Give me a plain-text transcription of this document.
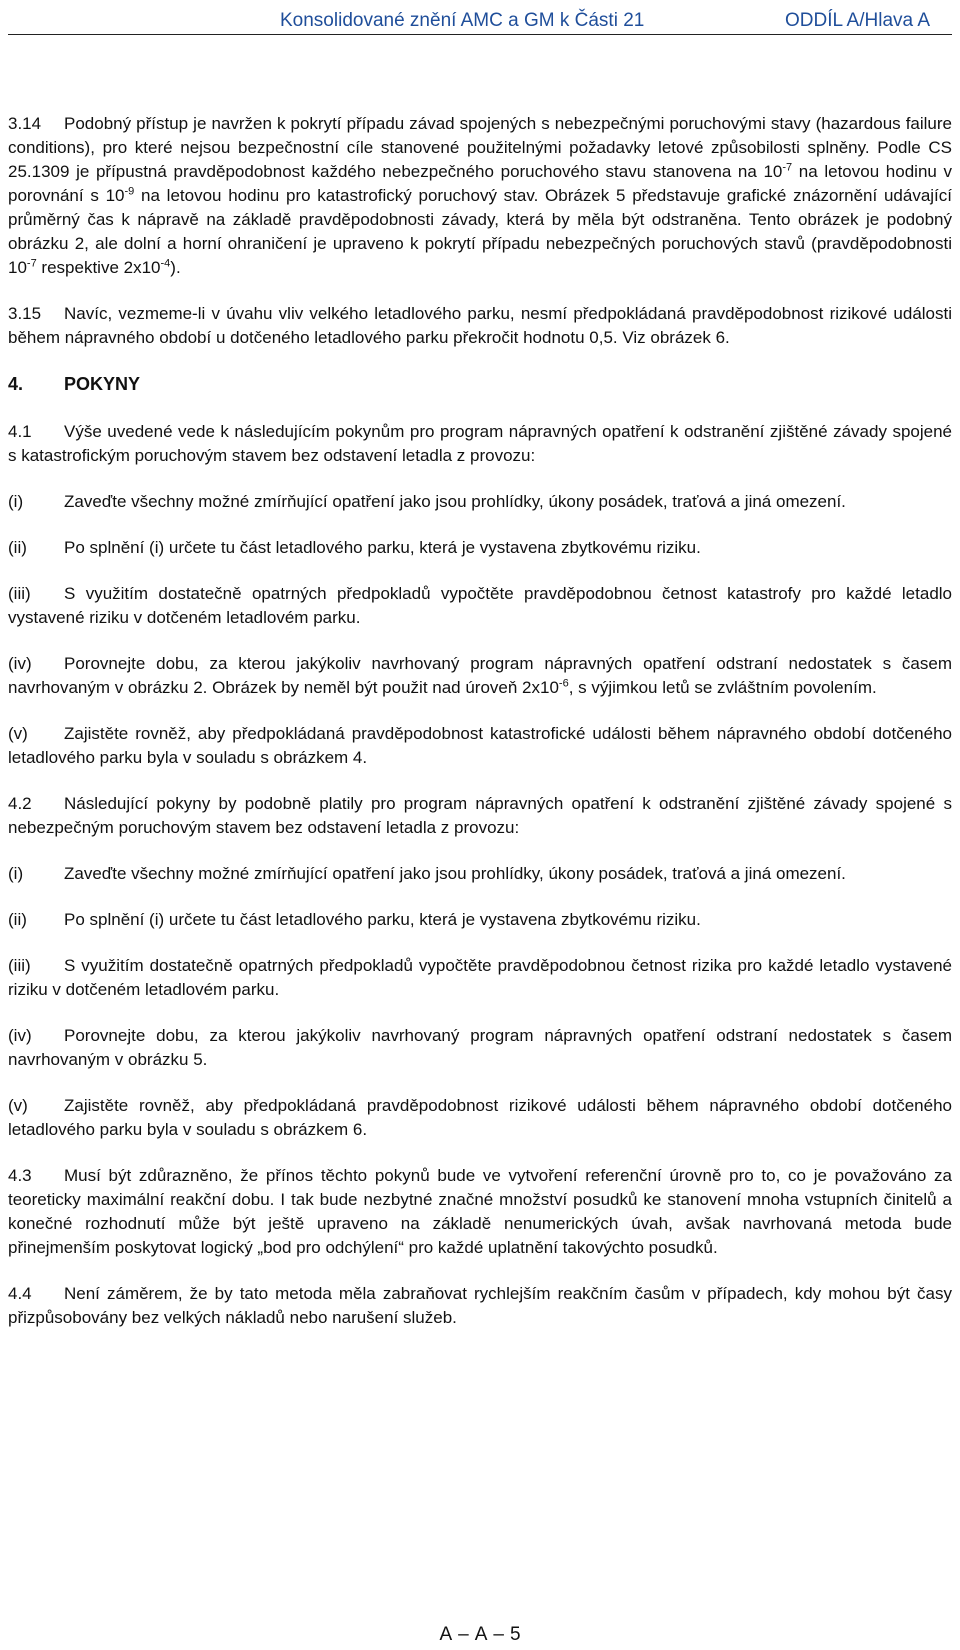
Konsolidované znění AMC a GM k Části 21	ODDÍL A/Hlava A

3.14 Podobný přístup je navržen k pokrytí případu závad spojených s nebezpečnými poruchovými stavy (hazardous failure conditions), pro které nejsou bezpečnostní cíle stanovené použitelnými požadavky letové způsobilosti splněny. Podle CS 25.1309 je přípustná pravděpodobnost každého nebezpečného poruchového stavu stanovena na $10^{-7}$ na letovou hodinu v porovnání s $10^{-9}$ na letovou hodinu pro katastrofický poruchový stav. Obrázek 5 představuje grafické znázornění udávající průměrný čas k nápravě na základě pravděpodobnosti závady, která by měla být odstraněna. Tento obrázek je podobný obrázku 2, ale dolní a horní ohraničení je upraveno k pokrytí případu nebezpečných poruchových stavů (pravděpodobnosti $10^{-7}$ respektive $2x10^{-4}$).

3.15 Navíc, vezmeme-li v úvahu vliv velkého letadlového parku, nesmí předpokládaná pravděpodobnost rizikové události během nápravného období u dotčeného letadlového parku překročit hodnotu 0,5. Viz obrázek 6.

4. POKYNY

4.1 Výše uvedené vede k následujícím pokynům pro program nápravných opatření k odstranění zjištěné závady spojené s katastrofickým poruchovým stavem bez odstavení letadla z provozu:

(i) Zaveďte všechny možné zmírňující opatření jako jsou prohlídky, úkony posádek, traťová a jiná omezení.

(ii) Po splnění (i) určete tu část letadlového parku, která je vystavena zbytkovému riziku.

(iii) S využitím dostatečně opatrných předpokladů vypočtěte pravděpodobnou četnost katastrofy pro každé letadlo vystavené riziku v dotčeném letadlovém parku.

(iv) Porovnejte dobu, za kterou jakýkoliv navrhovaný program nápravných opatření odstraní nedostatek s časem navrhovaným v obrázku 2. Obrázek by neměl být použit nad úroveň $2x10^{-6}$, s výjimkou letů se zvláštním povolením.

(v) Zajistěte rovněž, aby předpokládaná pravděpodobnost katastrofické události během nápravného období dotčeného letadlového parku byla v souladu s obrázkem 4.

4.2 Následující pokyny by podobně platily pro program nápravných opatření k odstranění zjištěné závady spojené s nebezpečným poruchovým stavem bez odstavení letadla z provozu:

(i) Zaveďte všechny možné zmírňující opatření jako jsou prohlídky, úkony posádek, traťová a jiná omezení.

(ii) Po splnění (i) určete tu část letadlového parku, která je vystavena zbytkovému riziku.

(iii) S využitím dostatečně opatrných předpokladů vypočtěte pravděpodobnou četnost rizika pro každé letadlo vystavené riziku v dotčeném letadlovém parku.

(iv) Porovnejte dobu, za kterou jakýkoliv navrhovaný program nápravných opatření odstraní nedostatek s časem navrhovaným v obrázku 5.

(v) Zajistěte rovněž, aby předpokládaná pravděpodobnost rizikové události během nápravného období dotčeného letadlového parku byla v souladu s obrázkem 6.

4.3 Musí být zdůrazněno, že přínos těchto pokynů bude ve vytvoření referenční úrovně pro to, co je považováno za teoreticky maximální reakční dobu. I tak bude nezbytné značné množství posudků ke stanovení mnoha vstupních činitelů a konečné rozhodnutí může být ještě upraveno na základě nenumerických úvah, avšak navrhovaná metoda bude přinejmenším poskytovat logický „bod pro odchýlení“ pro každé uplatnění takovýchto posudků.

4.4 Není záměrem, že by tato metoda měla zabraňovat rychlejším reakčním časům v případech, kdy mohou být časy přizpůsobovány bez velkých nákladů nebo narušení služeb.

A – A – 5
